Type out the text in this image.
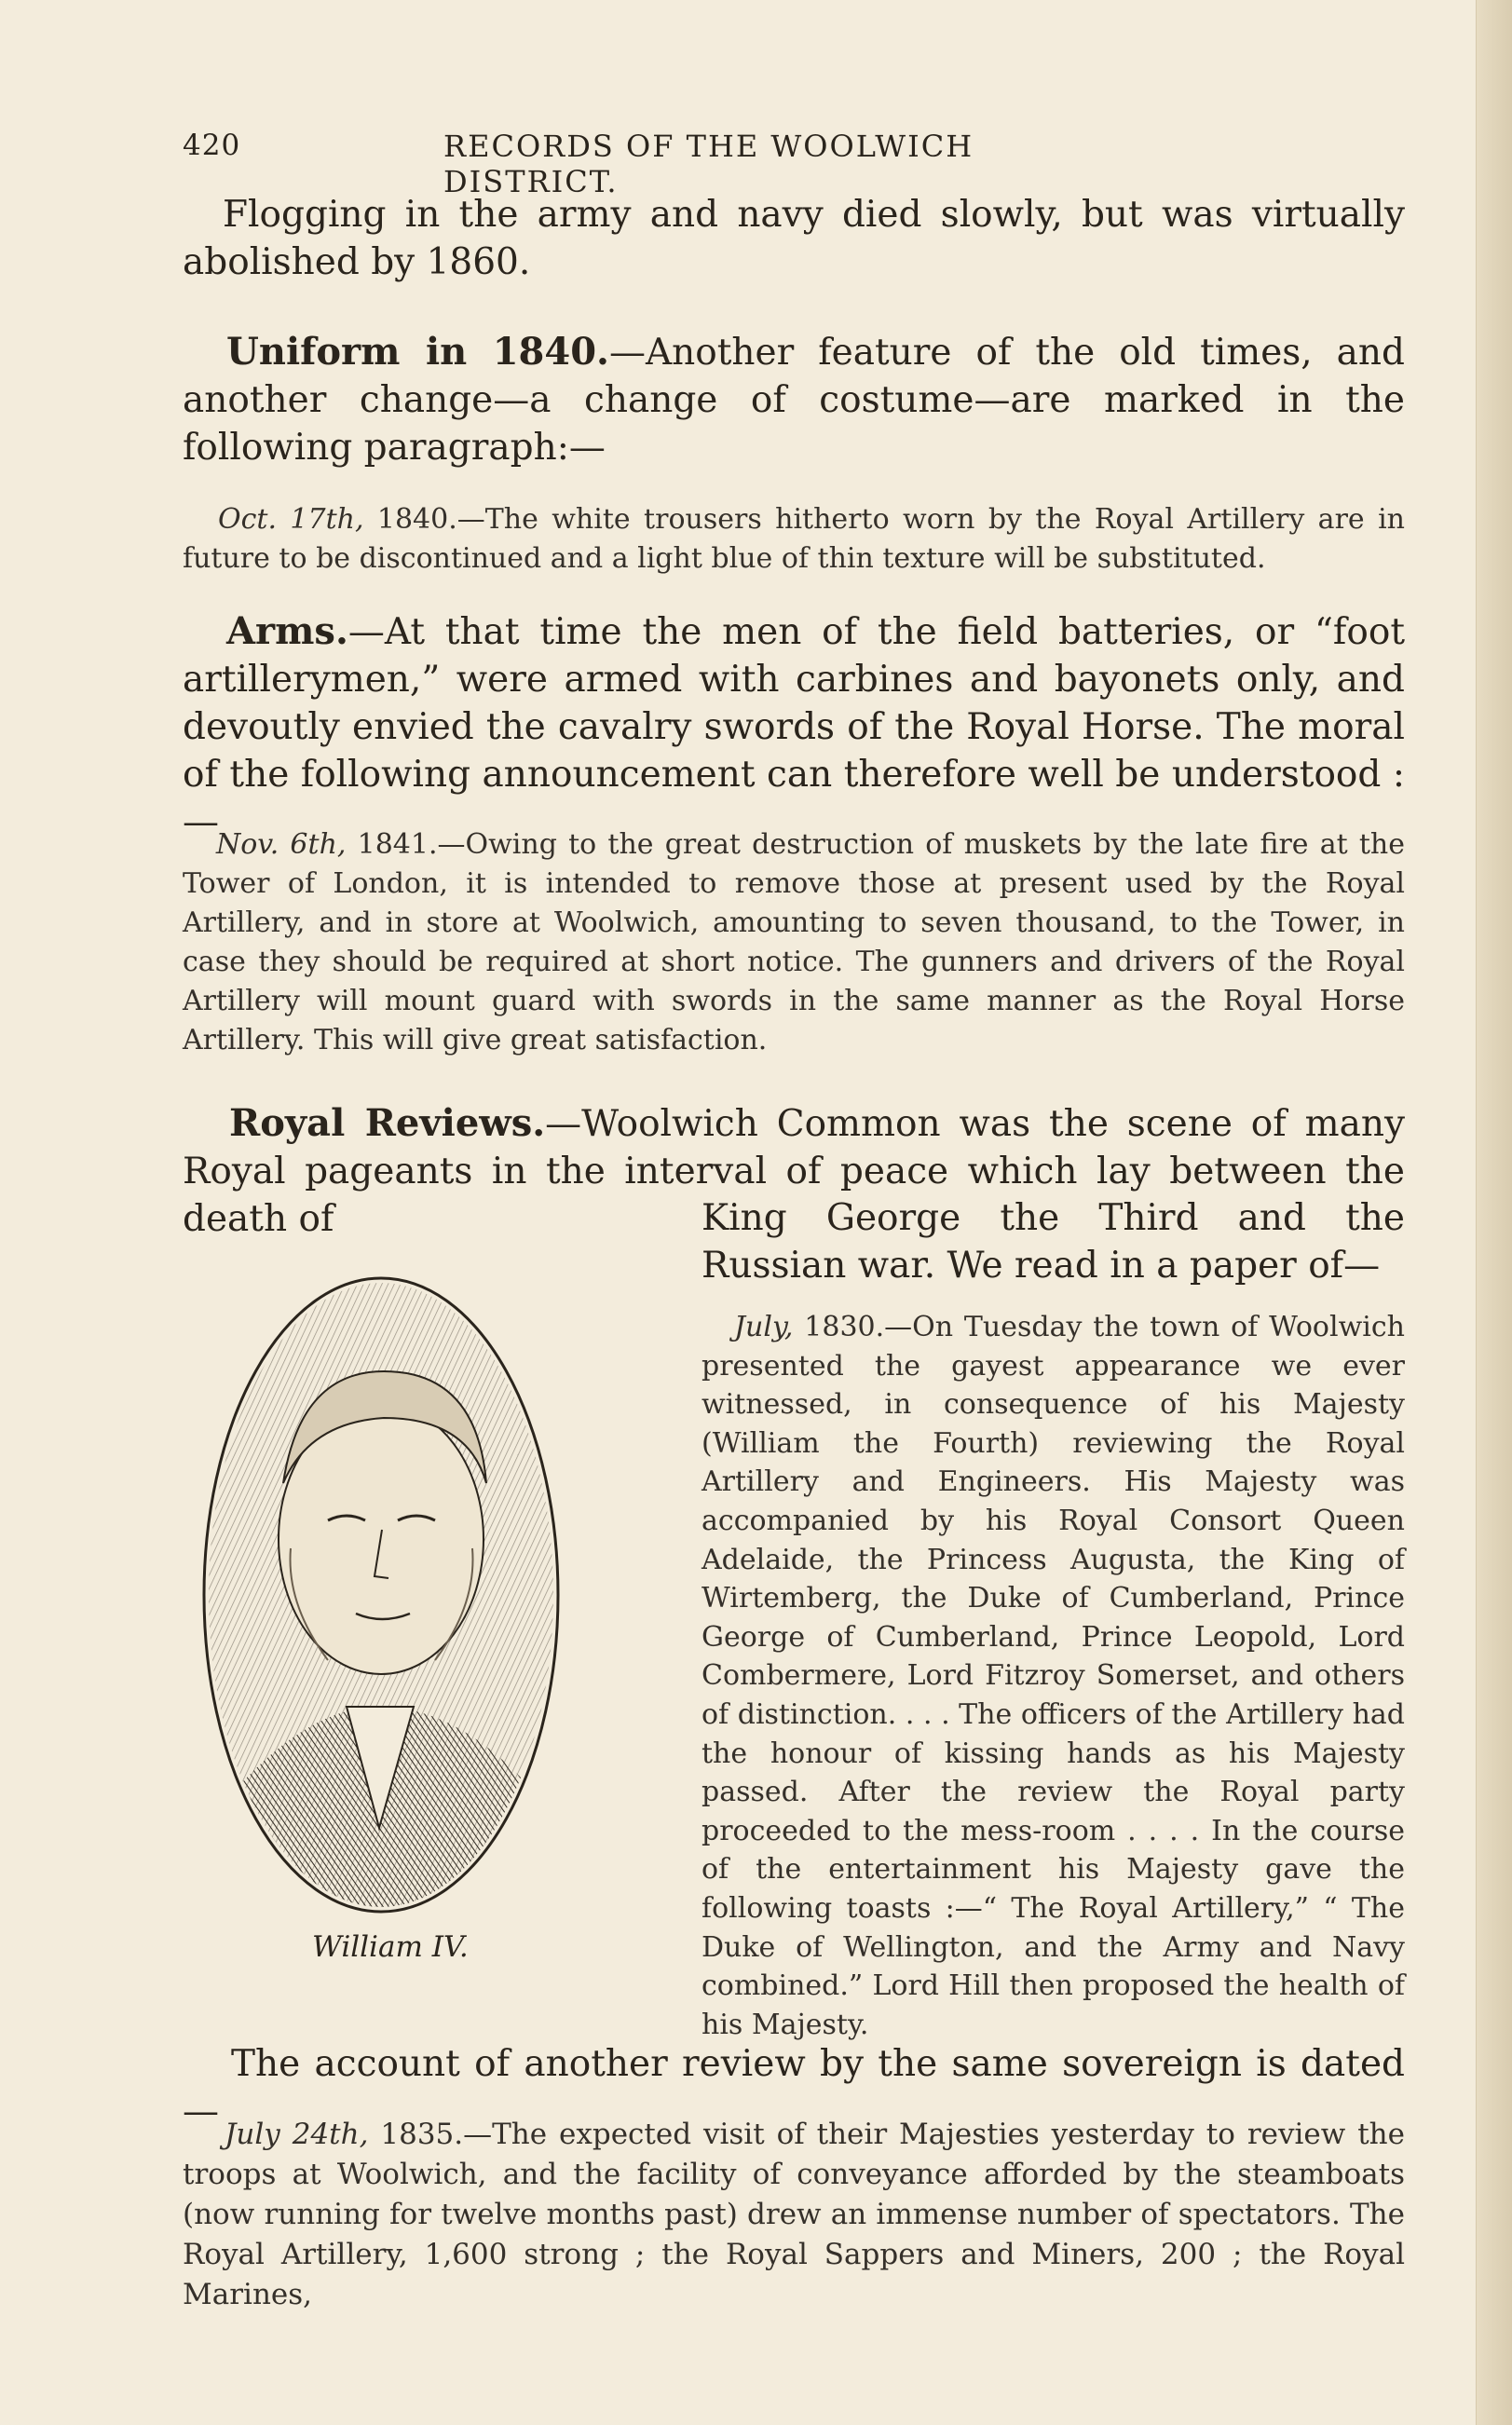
420	RECORDS OF THE WOOLWICH DISTRICT.
Flogging in the army and navy died slowly, but was virtually abolished by 1860.
Uniform in 1840.—Another feature of the old times, and another change—a change of costume—are marked in the following paragraph:—
Oct. 17th, 1840.—The white trousers hitherto worn by the Royal Artillery are in future to be discontinued and a light blue of thin texture will be substituted.
Arms.—At that time the men of the field batteries, or “foot artillerymen,” were armed with carbines and bayonets only, and devoutly envied the cavalry swords of the Royal Horse. The moral of the following announcement can therefore well be understood :—
Nov. 6th, 1841.—Owing to the great destruction of muskets by the late fire at the Tower of London, it is intended to remove those at present used by the Royal Artillery, and in store at Woolwich, amounting to seven thousand, to the Tower, in case they should be required at short notice. The gunners and drivers of the Royal Artillery will mount guard with swords in the same manner as the Royal Horse Artillery. This will give great satisfaction.
Royal Reviews.—Woolwich Common was the scene of many Royal pageants in the interval of peace which lay between the death of	King George the Third and the Russian war. We read in a paper of—
William IV.
July, 1830.—On Tuesday the town of Woolwich presented the gayest appearance we ever witnessed, in consequence of his Majesty (William the Fourth) reviewing the Royal Artillery and Engineers. His Majesty was accompanied by his Royal Consort Queen Adelaide, the Princess Augusta, the King of Wirtemberg, the Duke of Cumberland, Prince George of Cumberland, Prince Leopold, Lord Combermere, Lord Fitzroy Somerset, and others of distinction. . . . The officers of the Artillery had the honour of kissing hands as his Majesty passed. After the review the Royal party proceeded to the mess-room . . . . In the course of the entertainment his Majesty gave the following toasts :—“ The Royal Artillery,” “ The Duke of Wellington, and the Army and Navy combined.” Lord Hill then proposed the health of his Majesty.
The account of another review by the same sovereign is dated—
July 24th, 1835.—The expected visit of their Majesties yesterday to review the troops at Woolwich, and the facility of conveyance afforded by the steamboats (now running for twelve months past) drew an immense number of spectators. The Royal Artillery, 1,600 strong ; the Royal Sappers and Miners, 200 ; the Royal Marines,
